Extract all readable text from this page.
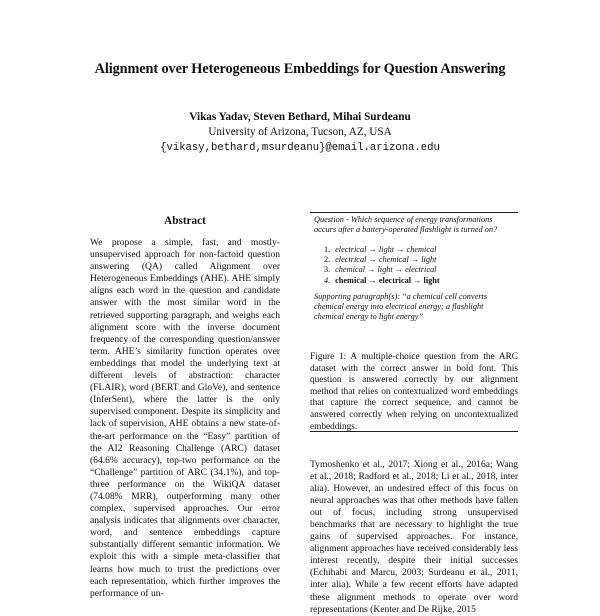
Alignment over Heterogeneous Embeddings for Question Answering
Vikas Yadav, Steven Bethard, Mihai Surdeanu
University of Arizona, Tucson, AZ, USA
{vikasy,bethard,msurdeanu}@email.arizona.edu
Abstract
We propose a simple, fast, and mostly-unsupervised approach for non-factoid question answering (QA) called Alignment over Heterogeneous Embeddings (AHE). AHE simply aligns each word in the question and candidate answer with the most similar word in the retrieved supporting paragraph, and weighs each alignment score with the inverse document frequency of the corresponding question/answer term. AHE’s similarity function operates over embeddings that model the underlying text at different levels of abstraction: character (FLAIR), word (BERT and GloVe), and sentence (InferSent), where the latter is the only supervised component. Despite its simplicity and lack of supervision, AHE obtains a new state-of-the-art performance on the “Easy” partition of the AI2 Reasoning Challenge (ARC) dataset (64.6% accuracy), top-two performance on the “Challenge” partition of ARC (34.1%), and top-three performance on the WikiQA dataset (74.08% MRR), outperforming many other complex, supervised approaches. Our error analysis indicates that alignments over character, word, and sentence embeddings capture substantially different semantic information. We exploit this with a simple meta-classifier that learns how much to trust the predictions over each representation, which further improves the performance of un-
Question - Which sequence of energy transformations occurs after a battery-operated flashlight is turned on?
1. electrical → light → chemical
2. electrical → chemical → light
3. chemical → light → electrical
4. chemical → electrical → light
Supporting paragraph(s): “a chemical cell converts chemical energy into electrical energy; a flashlight chemical energy to light energy”
Figure 1: A multiple-choice question from the ARC dataset with the correct answer in bold font. This question is answered correctly by our alignment method that relies on contextualized word embeddings that capture the correct sequence, and cannot be answered correctly when relying on uncontextualized embeddings.
Tymoshenko et al., 2017; Xiong et al., 2016a; Wang et al., 2018; Radford et al., 2018; Li et al., 2018, inter alia). However, an undesired effect of this focus on neural approaches was that other methods have fallen out of focus, including strong unsupervised benchmarks that are necessary to highlight the true gains of supervised approaches. For instance, alignment approaches have received considerably less interest recently, despite their initial successes (Echihabi and Marcu, 2003; Surdeanu et al., 2011, inter alia). While a few recent efforts have adapted these alignment methods to operate over word representations (Kenter and De Rijke, 2015
